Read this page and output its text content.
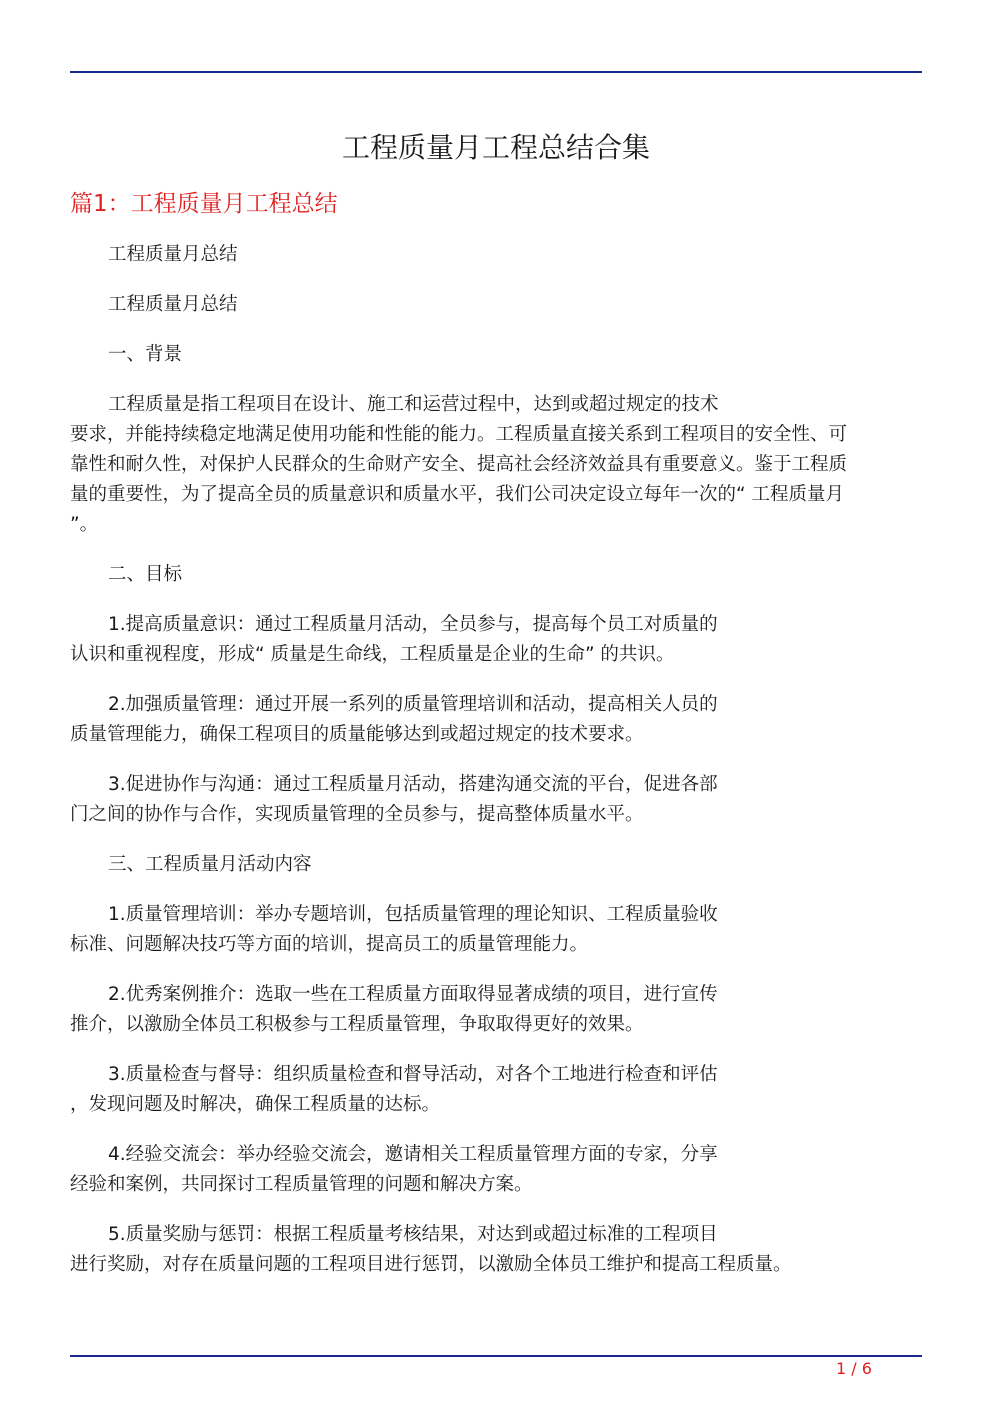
工程质量月工程总结合集
篇1：工程质量月工程总结

工程质量月总结

工程质量月总结

一、背景

工程质量是指工程项目在设计、施工和运营过程中，达到或超过规定的技术
要求，并能持续稳定地满足使用功能和性能的能力。工程质量直接关系到工程项目的安全性、可
靠性和耐久性，对保护人民群众的生命财产安全、提高社会经济效益具有重要意义。鉴于工程质
量的重要性，为了提高全员的质量意识和质量水平，我们公司决定设立每年一次的“ 工程质量月
”。

二、目标

1.提高质量意识：通过工程质量月活动，全员参与，提高每个员工对质量的
认识和重视程度，形成“ 质量是生命线，工程质量是企业的生命” 的共识。

2.加强质量管理：通过开展一系列的质量管理培训和活动，提高相关人员的
质量管理能力，确保工程项目的质量能够达到或超过规定的技术要求。

3.促进协作与沟通：通过工程质量月活动，搭建沟通交流的平台，促进各部
门之间的协作与合作，实现质量管理的全员参与，提高整体质量水平。

三、工程质量月活动内容

1.质量管理培训：举办专题培训，包括质量管理的理论知识、工程质量验收
标准、问题解决技巧等方面的培训，提高员工的质量管理能力。

2.优秀案例推介：选取一些在工程质量方面取得显著成绩的项目，进行宣传
推介，以激励全体员工积极参与工程质量管理，争取取得更好的效果。

3.质量检查与督导：组织质量检查和督导活动，对各个工地进行检查和评估
，发现问题及时解决，确保工程质量的达标。

4.经验交流会：举办经验交流会，邀请相关工程质量管理方面的专家，分享
经验和案例，共同探讨工程质量管理的问题和解决方案。

5.质量奖励与惩罚：根据工程质量考核结果，对达到或超过标准的工程项目
进行奖励，对存在质量问题的工程项目进行惩罚，以激励全体员工维护和提高工程质量。

1 / 6
